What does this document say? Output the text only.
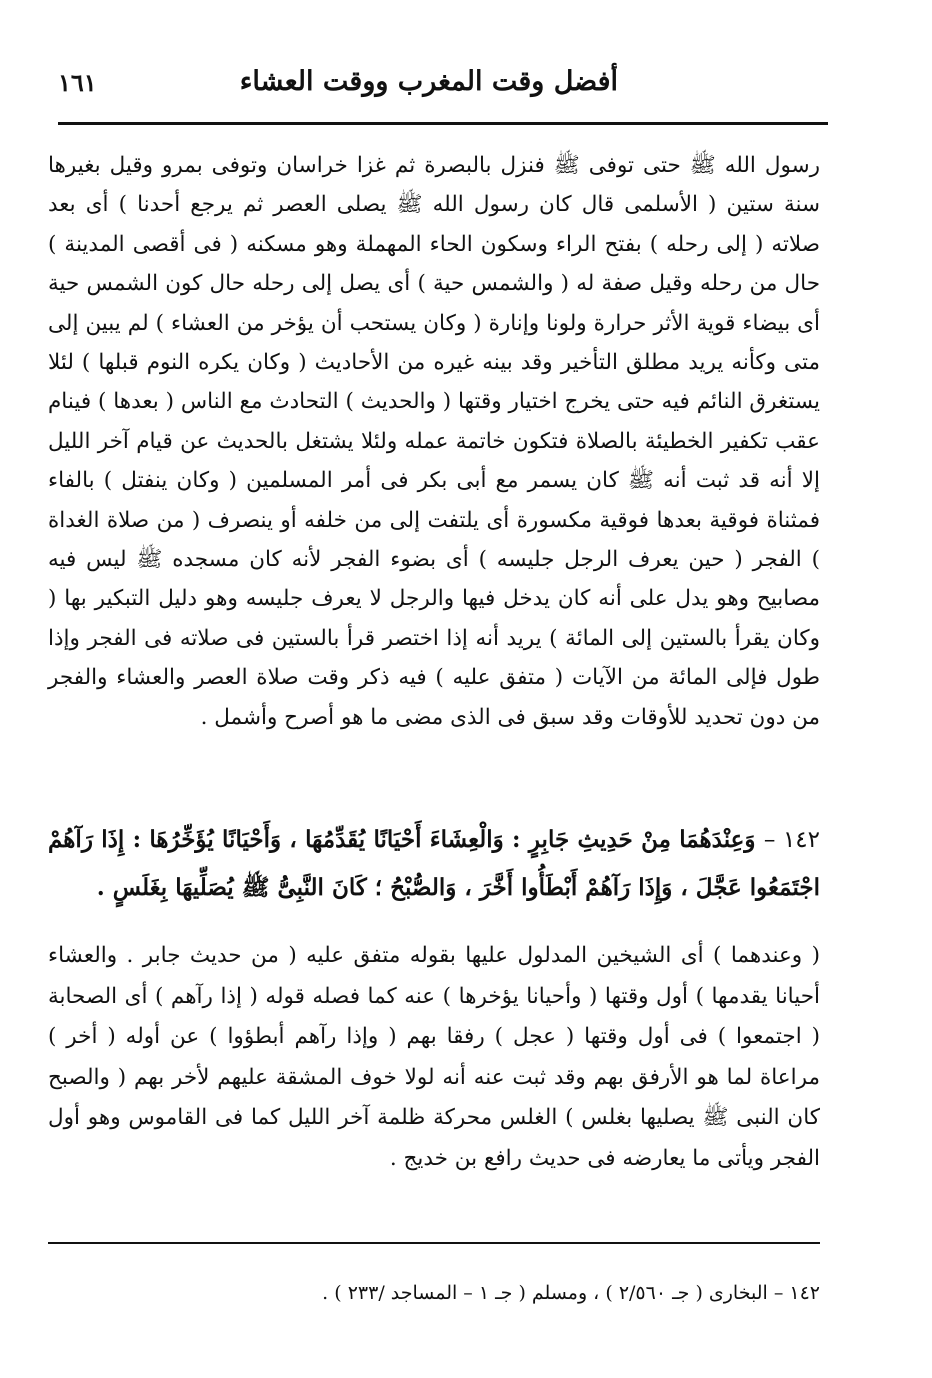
أفضل وقت المغرب ووقت العشاء
١٦١

رسول الله ﷺ حتى توفى ﷺ فنزل بالبصرة ثم غزا خراسان وتوفى بمرو وقيل بغيرها سنة ستين ( الأسلمى قال كان رسول الله ﷺ يصلى العصر ثم يرجع أحدنا ) أى بعد صلاته ( إلى رحله ) بفتح الراء وسكون الحاء المهملة وهو مسكنه ( فى أقصى المدينة ) حال من رحله وقيل صفة له ( والشمس حية ) أى يصل إلى رحله حال كون الشمس حية أى بيضاء قوية الأثر حرارة ولونا وإنارة ( وكان يستحب أن يؤخر من العشاء ) لم يبين إلى متى وكأنه يريد مطلق التأخير وقد بينه غيره من الأحاديث ( وكان يكره النوم قبلها ) لئلا يستغرق النائم فيه حتى يخرج اختيار وقتها ( والحديث ) التحادث مع الناس ( بعدها ) فينام عقب تكفير الخطيئة بالصلاة فتكون خاتمة عمله ولئلا يشتغل بالحديث عن قيام آخر الليل إلا أنه قد ثبت أنه ﷺ كان يسمر مع أبى بكر فى أمر المسلمين ( وكان ينفتل ) بالفاء فمثناة فوقية بعدها فوقية مكسورة أى يلتفت إلى من خلفه أو ينصرف ( من صلاة الغداة ) الفجر ( حين يعرف الرجل جليسه ) أى بضوء الفجر لأنه كان مسجده ﷺ ليس فيه مصابيح وهو يدل على أنه كان يدخل فيها والرجل لا يعرف جليسه وهو دليل التبكير بها ( وكان يقرأ بالستين إلى المائة ) يريد أنه إذا اختصر قرأ بالستين فى صلاته فى الفجر وإذا طول فإلى المائة من الآيات ( متفق عليه ) فيه ذكر وقت صلاة العصر والعشاء والفجر من دون تحديد للأوقات وقد سبق فى الذى مضى ما هو أصرح وأشمل .

١٤٢ – وَعِنْدَهُمَا مِنْ حَدِيثِ جَابِرٍ : وَالْعِشَاءَ أَحْيَانًا يُقَدِّمُهَا ، وَأَحْيَانًا يُؤَخِّرُهَا : إِذَا رَآهُمْ اجْتَمَعُوا عَجَّلَ ، وَإِذَا رَآهُمْ أَبْطَأُوا أَخَّرَ ، وَالصُّبْحُ ؛ كَانَ النَّبِىُّ ﷺ يُصَلِّيهَا بِغَلَسٍ .

( وعندهما ) أى الشيخين المدلول عليها بقوله متفق عليه ( من حديث جابر . والعشاء أحيانا يقدمها ) أول وقتها ( وأحيانا يؤخرها ) عنه كما فصله قوله ( إذا رآهم ) أى الصحابة ( اجتمعوا ) فى أول وقتها ( عجل ) رفقا بهم ( وإذا رآهم أبطؤوا ) عن أوله ( أخر ) مراعاة لما هو الأرفق بهم وقد ثبت عنه أنه لولا خوف المشقة عليهم لأخر بهم ( والصبح كان النبى ﷺ يصليها بغلس ) الغلس محركة ظلمة آخر الليل كما فى القاموس وهو أول الفجر ويأتى ما يعارضه فى حديث رافع بن خديج .

١٤٢ – البخارى ( جـ ٢/٥٦٠ ) ، ومسلم ( جـ ١ – المساجد /٢٣٣ ) .
